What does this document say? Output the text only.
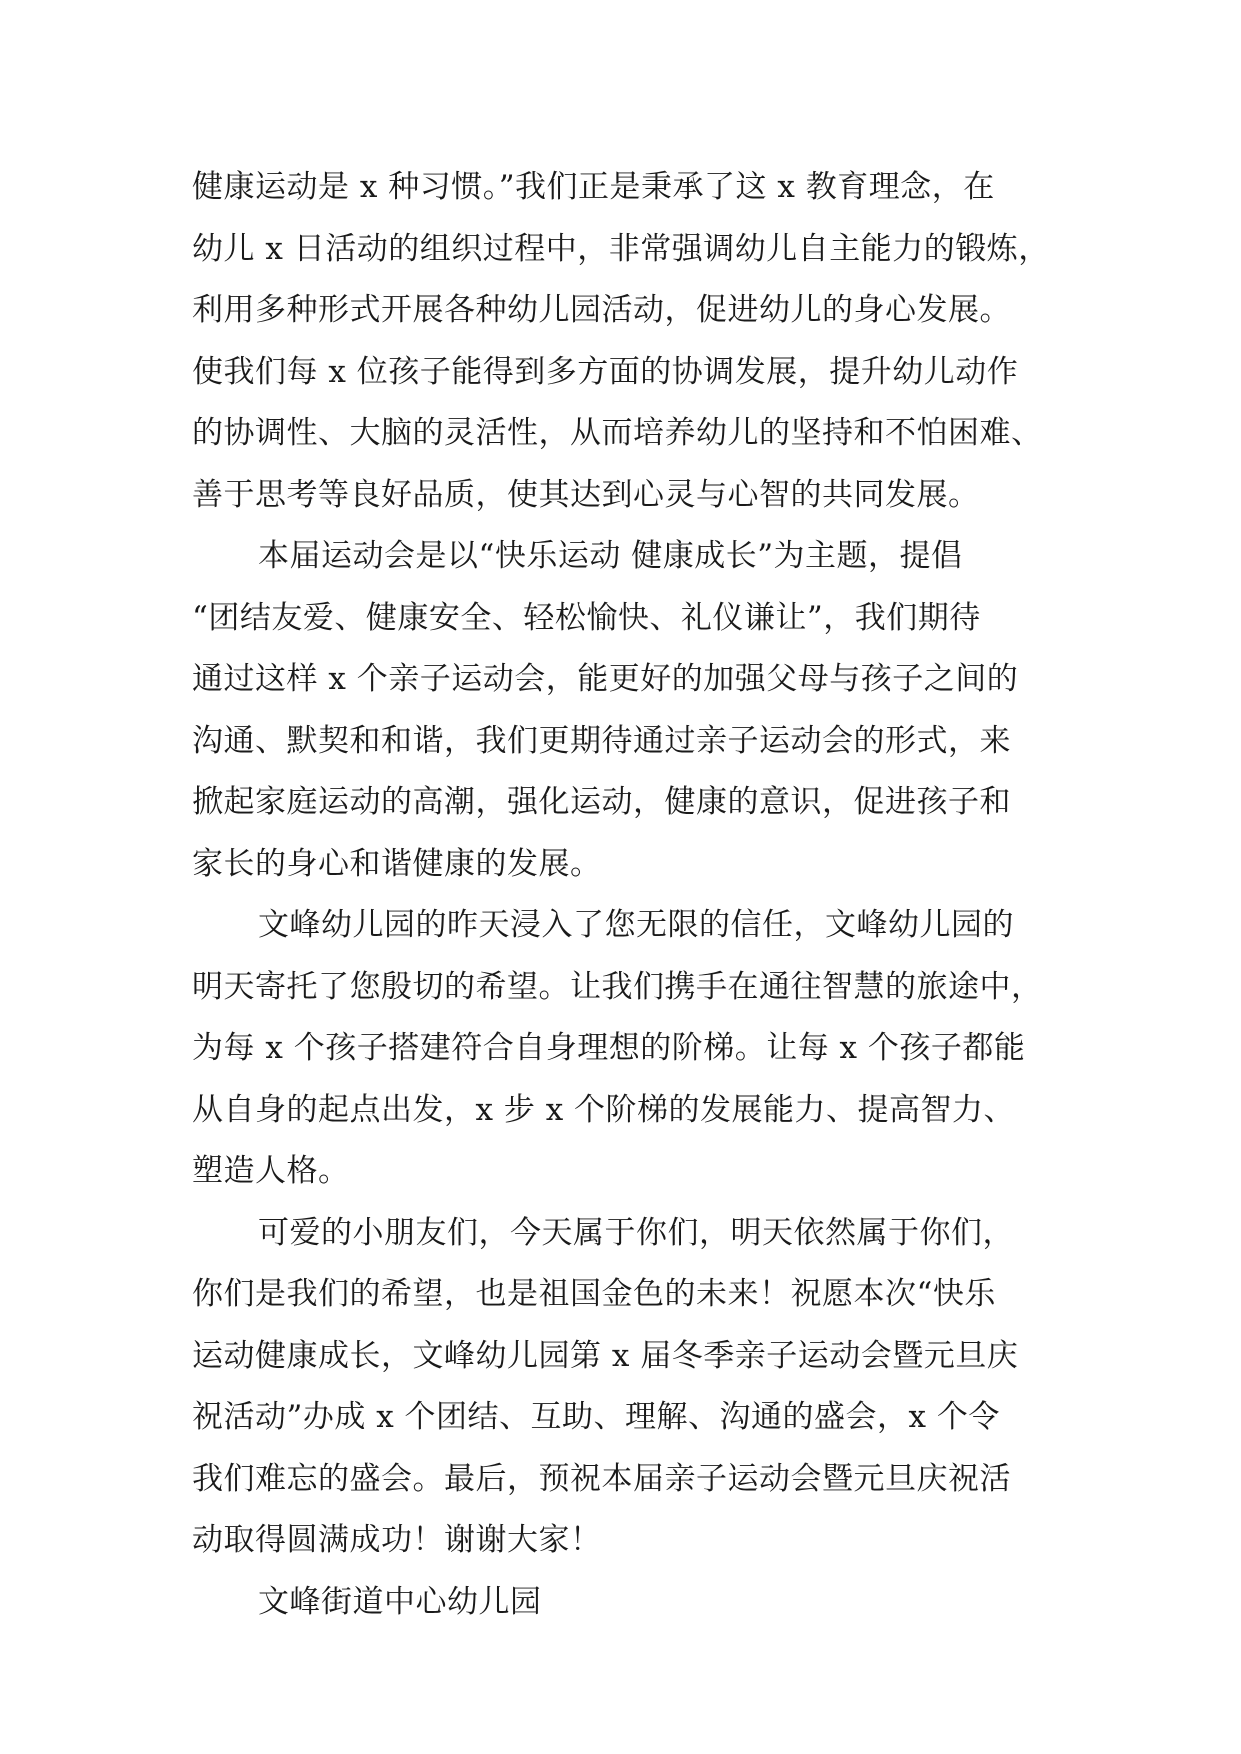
健康运动是 x 种习惯。”我们正是秉承了这 x 教育理念，在
幼儿 x 日活动的组织过程中，非常强调幼儿自主能力的锻炼，
利用多种形式开展各种幼儿园活动，促进幼儿的身心发展。
使我们每 x 位孩子能得到多方面的协调发展，提升幼儿动作
的协调性、大脑的灵活性，从而培养幼儿的坚持和不怕困难、
善于思考等良好品质，使其达到心灵与心智的共同发展。
本届运动会是以“快乐运动 健康成长”为主题，提倡
“团结友爱、健康安全、轻松愉快、礼仪谦让”，我们期待
通过这样 x 个亲子运动会，能更好的加强父母与孩子之间的
沟通、默契和和谐，我们更期待通过亲子运动会的形式，来
掀起家庭运动的高潮，强化运动，健康的意识，促进孩子和
家长的身心和谐健康的发展。
文峰幼儿园的昨天浸入了您无限的信任，文峰幼儿园的
明天寄托了您殷切的希望。让我们携手在通往智慧的旅途中，
为每 x 个孩子搭建符合自身理想的阶梯。让每 x 个孩子都能
从自身的起点出发，x 步 x 个阶梯的发展能力、提高智力、
塑造人格。
可爱的小朋友们，今天属于你们，明天依然属于你们，
你们是我们的希望，也是祖国金色的未来！祝愿本次“快乐
运动健康成长，文峰幼儿园第 x 届冬季亲子运动会暨元旦庆
祝活动”办成 x 个团结、互助、理解、沟通的盛会，x 个令
我们难忘的盛会。最后，预祝本届亲子运动会暨元旦庆祝活
动取得圆满成功！谢谢大家！
文峰街道中心幼儿园
